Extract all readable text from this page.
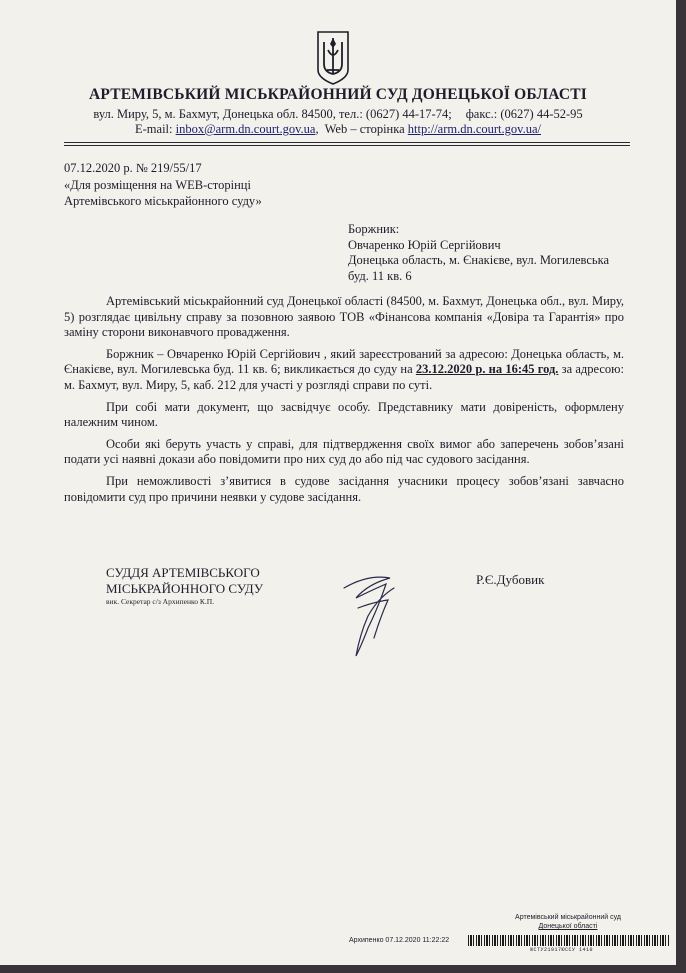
АРТЕМІВСЬКИЙ МІСЬКРАЙОННИЙ СУД ДОНЕЦЬКОЇ ОБЛАСТІ
вул. Миру, 5, м. Бахмут, Донецька обл. 84500, тел.: (0627) 44-17-74; факс.: (0627) 44-52-95
E-mail: inbox@arm.dn.court.gov.ua,  Web – сторінка http://arm.dn.court.gov.ua/
07.12.2020 р. № 219/55/17
«Для розміщення на WEB-сторінці
Артемівського міськрайонного суду»
Боржник:
Овчаренко Юрій Сергійович
Донецька область, м. Єнакієве, вул. Могилевська
буд. 11 кв. 6

Артемівський міськрайонний суд Донецької області (84500, м. Бахмут, Донецька обл., вул. Миру, 5) розглядає цивільну справу за позовною заявою ТОВ «Фінансова компанія «Довіра та Гарантія» про заміну сторони виконавчого провадження.

Боржник – Овчаренко Юрій Сергійович , який зареєстрований за адресою: Донецька область, м. Єнакієве, вул. Могилевська буд. 11 кв. 6; викликається до суду на 23.12.2020 р. на 16:45 год. за адресою: м. Бахмут, вул. Миру, 5, каб. 212 для участі у розгляді справи по суті.

При собі мати документ, що засвідчує особу. Представнику мати довіреність, оформлену належним чином.

Особи які беруть участь у справі, для підтвердження своїх вимог або заперечень зобов’язані подати усі наявні докази або повідомити про них суд до або під час судового засідання.

При неможливості з’явитися в судове засідання учасники процесу зобов’язані завчасно повідомити суд про причини неявки у судове засідання.

СУДДЯ АРТЕМІВСЬКОГО
МІСЬКРАЙОННОГО СУДУ
вик. Секретар с/з Архипенко К.П.
Р.Є.Дубовик
Артемівський міськрайонний суд
Донецької області
Архипенко 07.12.2020 11:22:22
ЖСТУ21917ЮССУ 1410
